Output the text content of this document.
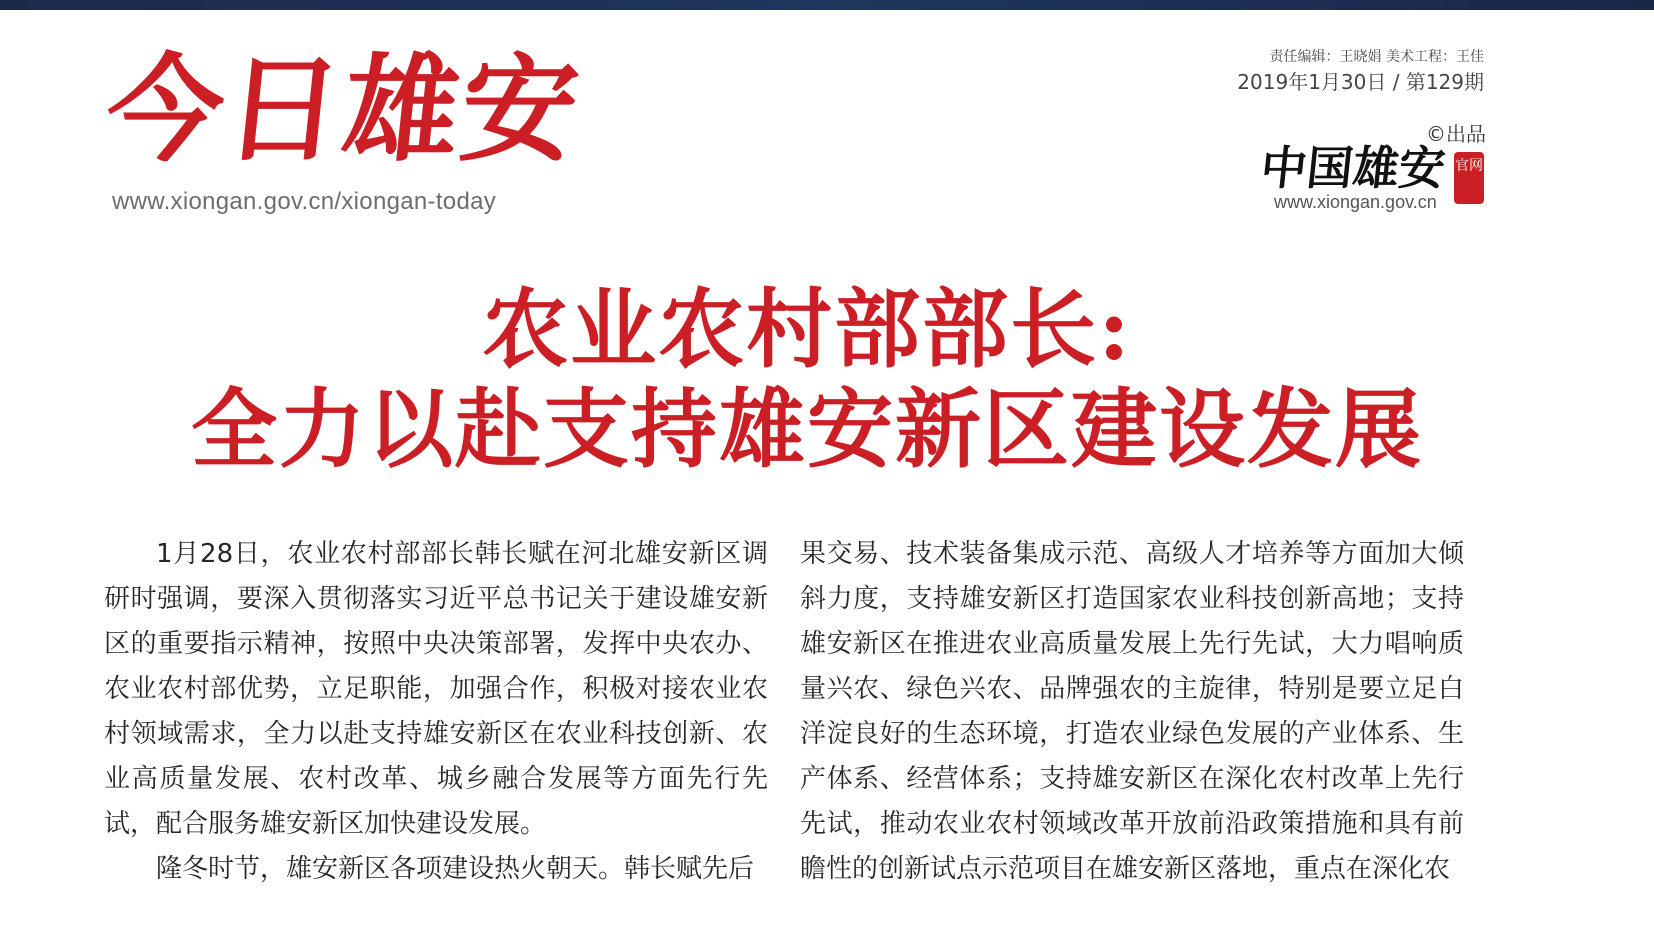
今日雄安
www.xiongan.gov.cn/xiongan-today
责任编辑：王晓娟 美术工程：王佳
2019年1月30日 / 第129期
©出品
中国雄安 官网
www.xiongan.gov.cn
农业农村部部长:
全力以赴支持雄安新区建设发展

1月28日，农业农村部部长韩长赋在河北雄安新区调研时强调，要深入贯彻落实习近平总书记关于建设雄安新区的重要指示精神，按照中央决策部署，发挥中央农办、农业农村部优势，立足职能，加强合作，积极对接农业农村领域需求，全力以赴支持雄安新区在农业科技创新、农业高质量发展、农村改革、城乡融合发展等方面先行先试，配合服务雄安新区加快建设发展。

隆冬时节，雄安新区各项建设热火朝天。韩长赋先后

果交易、技术装备集成示范、高级人才培养等方面加大倾斜力度，支持雄安新区打造国家农业科技创新高地；支持雄安新区在推进农业高质量发展上先行先试，大力唱响质量兴农、绿色兴农、品牌强农的主旋律，特别是要立足白洋淀良好的生态环境，打造农业绿色发展的产业体系、生产体系、经营体系；支持雄安新区在深化农村改革上先行先试，推动农业农村领域改革开放前沿政策措施和具有前瞻性的创新试点示范项目在雄安新区落地，重点在深化农
